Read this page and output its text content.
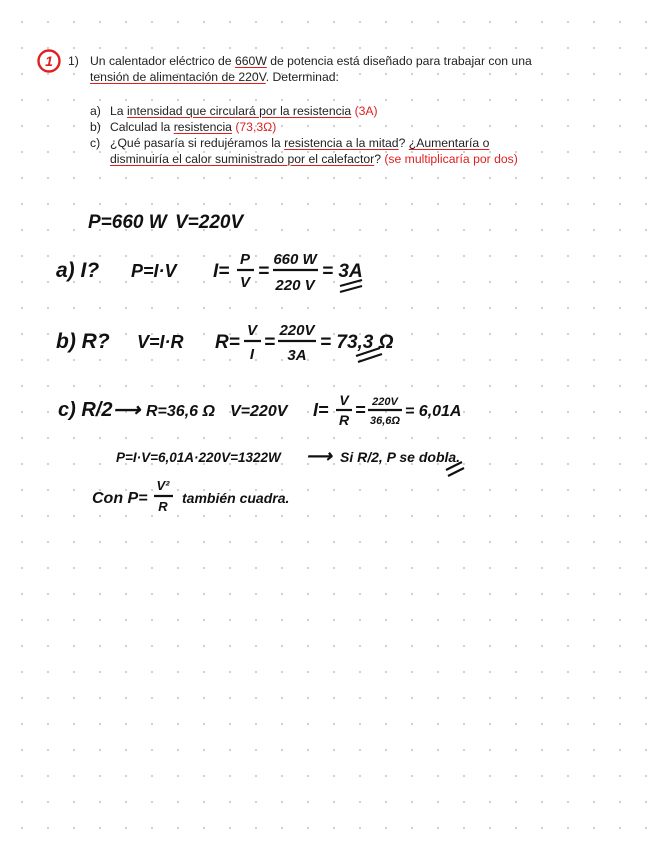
1 1) Un calentador eléctrico de 660W de potencia está diseñado para trabajar con una tensión de alimentación de 220V. Determinad:
a) La intensidad que circulará por la resistencia (3A)
b) Calculad la resistencia (73,3Ω)
c) ¿Qué pasaría si redujéramos la resistencia a la mitad? ¿Aumentaría o disminuiría el calor suministrado por el calefactor? (se multiplicaría por dos)
P=660 W V=220V
a) I? P=I·V I=
P
V
=
660 W
220 V
= 3A
b) R? V=I·R R=
V
I
=
220V
3A
= 73,3 Ω
c) R/2 ⟶ R=36,6 Ω V=220V I= V
R = 220V
36,6Ω
= 6,01A
P=I·V=6,01A·220V=1322W ⟶ Si R/2, P se dobla.
Con P=
V²
R
también cuadra.
